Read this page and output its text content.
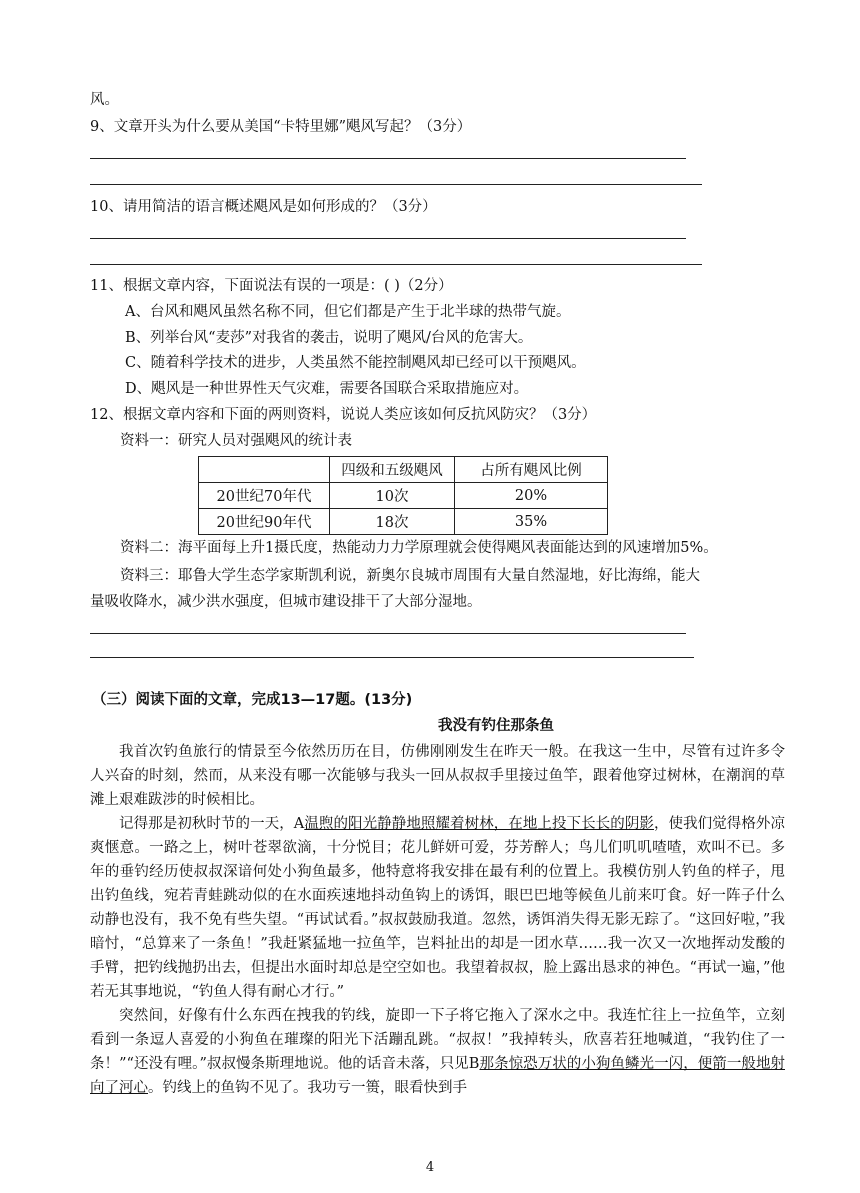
风。
9、文章开头为什么要从美国“卡特里娜”飓风写起？（3分）
10、请用简洁的语言概述飓风是如何形成的？（3分）
11、根据文章内容，下面说法有误的一项是：( )（2分）
A、台风和飓风虽然名称不同，但它们都是产生于北半球的热带气旋。
B、列举台风“麦莎”对我省的袭击，说明了飓风/台风的危害大。
C、随着科学技术的进步，人类虽然不能控制飓风却已经可以干预飓风。
D、飓风是一种世界性天气灾难，需要各国联合采取措施应对。
12、根据文章内容和下面的两则资料，说说人类应该如何反抗风防灾？（3分）
资料一：研究人员对强飓风的统计表
	四级和五级飓风	占所有飓风比例
20世纪70年代	10次	20%
20世纪90年代	18次	35%
资料二：海平面每上升1摄氏度，热能动力力学原理就会使得飓风表面能达到的风速增加5%。
资料三：耶鲁大学生态学家斯凯利说，新奥尔良城市周围有大量自然湿地，好比海绵，能大
量吸收降水，减少洪水强度，但城市建设排干了大部分湿地。
（三）阅读下面的文章，完成13—17题。(13分)
我没有钓住那条鱼

我首次钓鱼旅行的情景至今依然历历在目，仿佛刚刚发生在昨天一般。在我这一生中，尽管有过许多令人兴奋的时刻，然而，从来没有哪一次能够与我头一回从叔叔手里接过鱼竿，跟着他穿过树林，在潮润的草滩上艰难跋涉的时候相比。

记得那是初秋时节的一天，A温煦的阳光静静地照耀着树林，在地上投下长长的阴影，使我们觉得格外凉爽惬意。一路之上，树叶苍翠欲滴，十分悦目；花儿鲜妍可爱，芬芳醉人；鸟儿们叽叽喳喳，欢叫不已。多年的垂钓经历使叔叔深谙何处小狗鱼最多，他特意将我安排在最有利的位置上。我模仿别人钓鱼的样子，甩出钓鱼线，宛若青蛙跳动似的在水面疾速地抖动鱼钩上的诱饵，眼巴巴地等候鱼儿前来叮食。好一阵子什么动静也没有，我不免有些失望。“再试试看。”叔叔鼓励我道。忽然，诱饵消失得无影无踪了。“这回好啦，”我暗忖，“总算来了一条鱼！”我赶紧猛地一拉鱼竿，岂料扯出的却是一团水草……我一次又一次地挥动发酸的手臂，把钓线抛扔出去，但提出水面时却总是空空如也。我望着叔叔，脸上露出恳求的神色。“再试一遍，”他若无其事地说，“钓鱼人得有耐心才行。”

突然间，好像有什么东西在拽我的钓线，旋即一下子将它拖入了深水之中。我连忙往上一拉鱼竿，立刻看到一条逗人喜爱的小狗鱼在璀璨的阳光下活蹦乱跳。“叔叔！”我掉转头，欣喜若狂地喊道，“我钓住了一条！”“还没有哩。”叔叔慢条斯理地说。他的话音未落，只见B那条惊恐万状的小狗鱼鳞光一闪，便箭一般地射向了河心。钓线上的鱼钩不见了。我功亏一篑，眼看快到手

4
